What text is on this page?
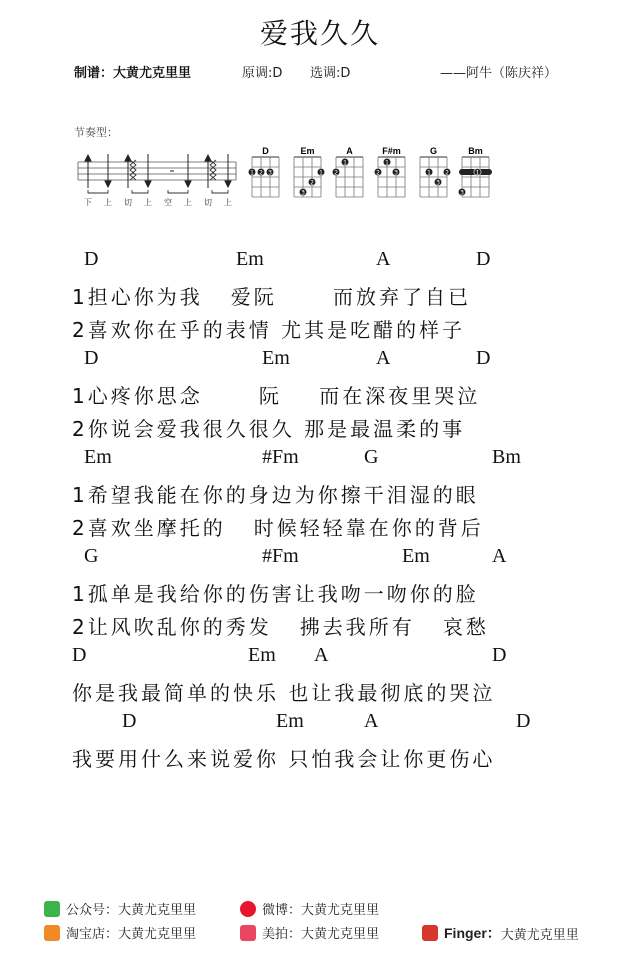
爱我久久
制谱：大黄尤克里里	原调:D 选调:D	——阿牛（陈庆祥）
节奏型：
下 上 切 上 空 上 切 上
D
1 2 3
Em
1
2
3
A
1
2
F#m
1
2 3
G
1 2
3
Bm
1
3
D	Em	A	D
1担心你为我   爱阮      而放弃了自已
2喜欢你在乎的表情 尤其是吃醋的样子
D	Em	A	D
1心疼你思念      阮    而在深夜里哭泣
2你说会爱我很久很久 那是最温柔的事
Em	#Fm	G	Bm
1希望我能在你的身边为你擦干泪湿的眼
2喜欢坐摩托的   时候轻轻靠在你的背后
G	#Fm	Em	A
1孤单是我给你的伤害让我吻一吻你的脸
2让风吹乱你的秀发   拂去我所有   哀愁
D	Em A	D
你是我最简单的快乐 也让我最彻底的哭泣
D	Em	A	D
我要用什么来说爱你 只怕我会让你更伤心
公众号：大黄尤克里里	微博：大黄尤克里里
淘宝店：大黄尤克里里	美拍：大黄尤克里里	Finger： 大黄尤克里里
